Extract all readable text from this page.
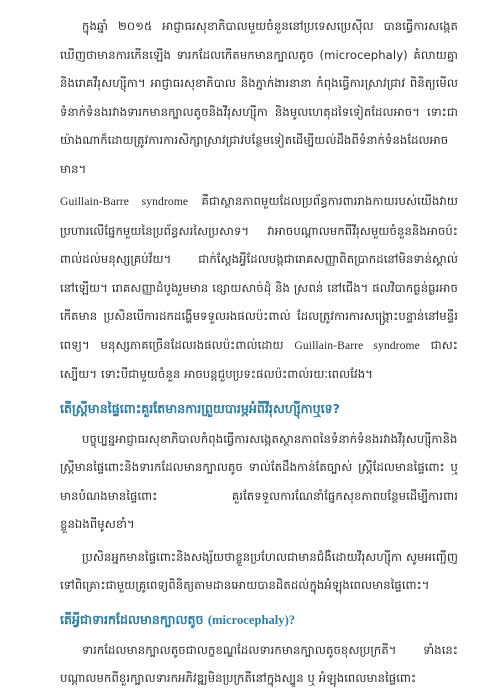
ក្នុងឆ្នាំ ២០១៥ អាជ្ញាធរសុខាភិបាលមួយចំនួននៅប្រទេសប្រេស៊ីល បានធ្វើការសង្កេត ឃើញថាមានការកើនឡើង ទារកដែលកើតមកមានក្បាលតូច (microcephaly) គំលាយគ្នានិងរោគវីរុសហ្ស៊ីកា។ អាជ្ញាធរសុខាភិបាល និងភ្នាក់ងារនានា កំពុងធ្វើការស្រាវជ្រាវ ពិនិត្យមើលទំនាក់ទំនងរវាងទារកមានក្បាលតូចនិងវីរុសហ្ស៊ីកា និងមូលហេតុដទៃទៀតដែលអាច។ ទោះជាយ៉ាងណាក៏ដោយត្រូវការការសិក្សាស្រាវជ្រាវបន្ថែមទៀតដើម្បីយល់ដឹងពីទំនាក់ទំនងដែលអាចមាន។

Guillain-Barre syndrome គឺជាស្ថានភាពមួយដែលប្រព័ន្ធការពាររាងកាយរបស់យើងវាយប្រហារលើផ្នែកមួយនៃប្រព័ន្ធសរសៃប្រសាទ។ វាអាចបណ្តាលមកពីវីរុសមួយចំនួននិងអាចប៉ះពាល់ដល់មនុស្សគ្រប់វ័យ។ ជាក់ស្តែងអ្វីដែលបង្កជារោគសញ្ញាពិតប្រាកដនៅមិនទាន់ស្គាល់នៅឡើយ។ រោគសញ្ញាដំបូងរួមមាន ខ្សោយសាច់ដុំ និង ស្រពន់ នៅជើង។ ផលវិបាកធ្ងន់ធ្ងរអាចកើតមាន ប្រសិនបើការដកដង្ហើមទទួលរងផលប៉ះពាល់ ដែលត្រូវការការសង្គ្រោះបន្ទាន់នៅមន្ទីរពេទ្យ។ មនុស្សភាគច្រើនដែលរងផលប៉ះពាល់ដោយ Guillain-Barre syndrome ជាសះស្បើយ។ ទោះបីជាមួយចំនួន អាចបន្តជួបប្រទះផលប៉ះពាល់រយៈពេលវែង។

តើស្ត្រីមានផ្ទៃពោះគួរតែមានការព្រួយបារម្ភអំពីវីរុសហ្ស៊ីកាឬទេ?

បច្ចុប្បន្នអាជ្ញាធរសុខាភិបាលកំពុងធ្វើការសង្កេតស្ថានភាពនៃទំនាក់ទំនងរវាងវីរុសហ្ស៊ីកានិងស្ត្រីមានផ្ទៃពោះនិងទារកដែលមានក្បាលតូច ទាល់តែដឹងកាន់តែច្បាស់ ស្ត្រីដែលមានផ្ទៃពោះ ឬមានបំណងមានផ្ទៃពោះ គួរតែទទួលការណែនាំផ្នែកសុខភាពបន្ថែមដើម្បីការពារខ្លួនឯងពីមូសខាំ។

ប្រសិនអ្នកមានផ្ទៃពោះនិងសង្ស័យថាខ្លួនប្រហែលជាមានជំងឺដោយវីរុសហ្ស៊ីកា សូមអញ្ជើញទៅពិគ្រោះជាមួយគ្រូពេទ្យពិនិត្យតាមដានអោយបានដិតដល់ក្នុងអំឡុងពេលមានផ្ទៃពោះ។

តើអ្វីជាទារកដែលមានក្បាលតូច (microcephaly)?

ទារកដែលមានក្បាលតូចជាលក្ខខណ្ឌដែលទារកមានក្បាលតូចខុសប្រក្រតី។ ទាំងនេះបណ្តាលមកពីខួរក្បាលទារកអភិវឌ្ឍមិនប្រក្រតីនៅក្នុងស្បូន ឬ អំឡុងពេលមានផ្ទៃពោះ
